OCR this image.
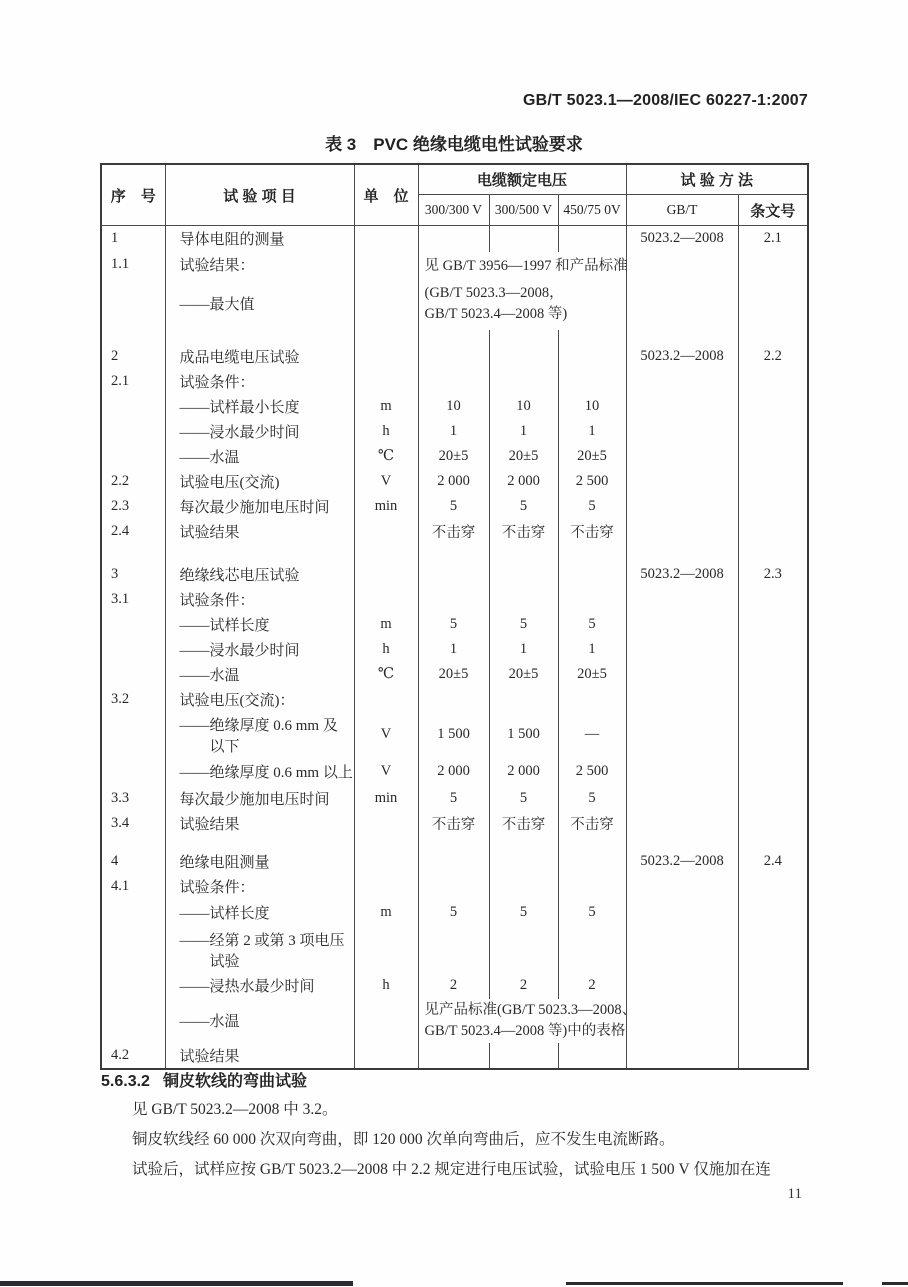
GB/T 5023.1—2008/IEC 60227-1:2007
表 3　PVC 绝缘电缆电性试验要求
序　号	试 验 项 目	单　位	电缆额定电压			试 验 方 法	
			300/300 V	300/500 V	450/75 0V	GB/T	条文号
1	导体电阻的测量					5023.2—2008	2.1
1.1	试验结果：		见 GB/T 3956—1997 和产品标准				
	——最大值		(GB/T 5023.3—2008，
GB/T 5023.4—2008 等)				

2	成品电缆电压试验					5023.2—2008	2.2
2.1	试验条件：						
	——试样最小长度	m	10	10	10		
	——浸水最少时间	h	1	1	1		
	——水温	℃	20±5	20±5	20±5		
2.2	试验电压(交流)	V	2 000	2 000	2 500		
2.3	每次最少施加电压时间	min	5	5	5		
2.4	试验结果		不击穿	不击穿	不击穿		

3	绝缘线芯电压试验					5023.2—2008	2.3
3.1	试验条件：						
	——试样长度	m	5	5	5		
	——浸水最少时间	h	1	1	1		
	——水温	℃	20±5	20±5	20±5		
3.2	试验电压(交流)：						

	——绝缘厚度 0.6 mm 及
以下	V	1 500	1 500	—		
	——绝缘厚度 0.6 mm 以上	V	2 000	2 000	2 500		
3.3	每次最少施加电压时间	min	5	5	5		
3.4	试验结果		不击穿	不击穿	不击穿		

4	绝缘电阻测量					5023.2—2008	2.4
4.1	试验条件：						
	——试样长度	m	5	5	5		

	——经第 2 或第 3 项电压
试验						

	——浸热水最少时间	h	2	2	2		
	——水温		见产品标准(GB/T 5023.3—2008、
GB/T 5023.4—2008 等)中的表格				

4.2	试验结果						
5.6.3.2 铜皮软线的弯曲试验

见 GB/T 5023.2—2008 中 3.2。

铜皮软线经 60 000 次双向弯曲，即 120 000 次单向弯曲后，应不发生电流断路。

试验后，试样应按 GB/T 5023.2—2008 中 2.2 规定进行电压试验，试验电压 1 500 V 仅施加在连

11
